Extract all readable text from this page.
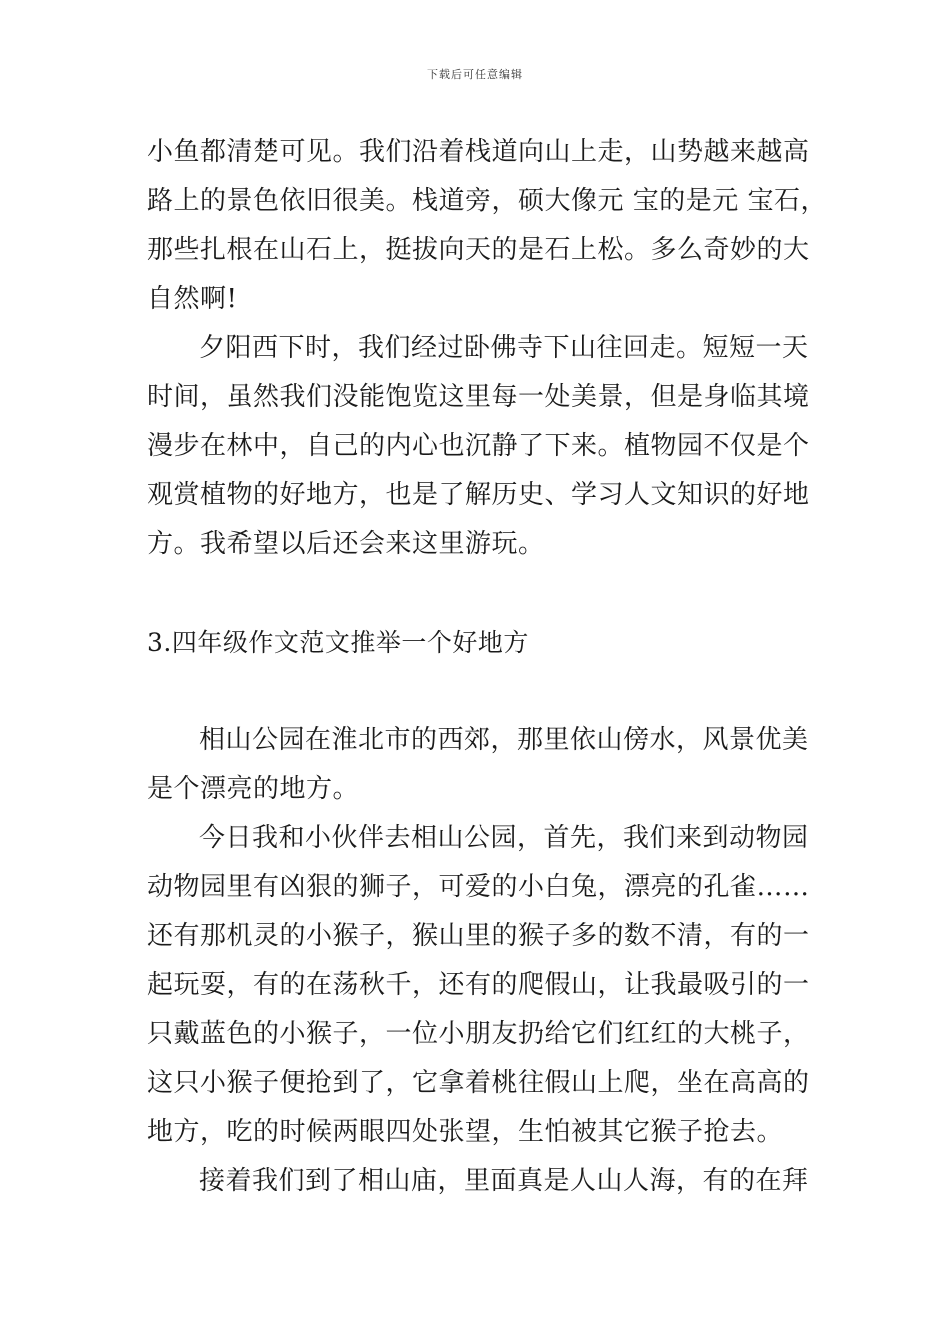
下载后可任意编辑
小鱼都清楚可见。我们沿着栈道向山上走，山势越来越高
路上的景色依旧很美。栈道旁，硕大像元 宝的是元 宝石，
那些扎根在山石上，挺拔向天的是石上松。多么奇妙的大
自然啊!
夕阳西下时，我们经过卧佛寺下山往回走。短短一天
时间，虽然我们没能饱览这里每一处美景，但是身临其境
漫步在林中，自己的内心也沉静了下来。植物园不仅是个
观赏植物的好地方，也是了解历史、学习人文知识的好地
方。我希望以后还会来这里游玩。
3.四年级作文范文推举一个好地方
相山公园在淮北市的西郊，那里依山傍水，风景优美
是个漂亮的地方。
今日我和小伙伴去相山公园，首先，我们来到动物园
动物园里有凶狠的狮子，可爱的小白兔，漂亮的孔雀……
还有那机灵的小猴子，猴山里的猴子多的数不清，有的一
起玩耍，有的在荡秋千，还有的爬假山，让我最吸引的一
只戴蓝色的小猴子，一位小朋友扔给它们红红的大桃子，
这只小猴子便抢到了，它拿着桃往假山上爬，坐在高高的
地方，吃的时候两眼四处张望，生怕被其它猴子抢去。
接着我们到了相山庙，里面真是人山人海，有的在拜
